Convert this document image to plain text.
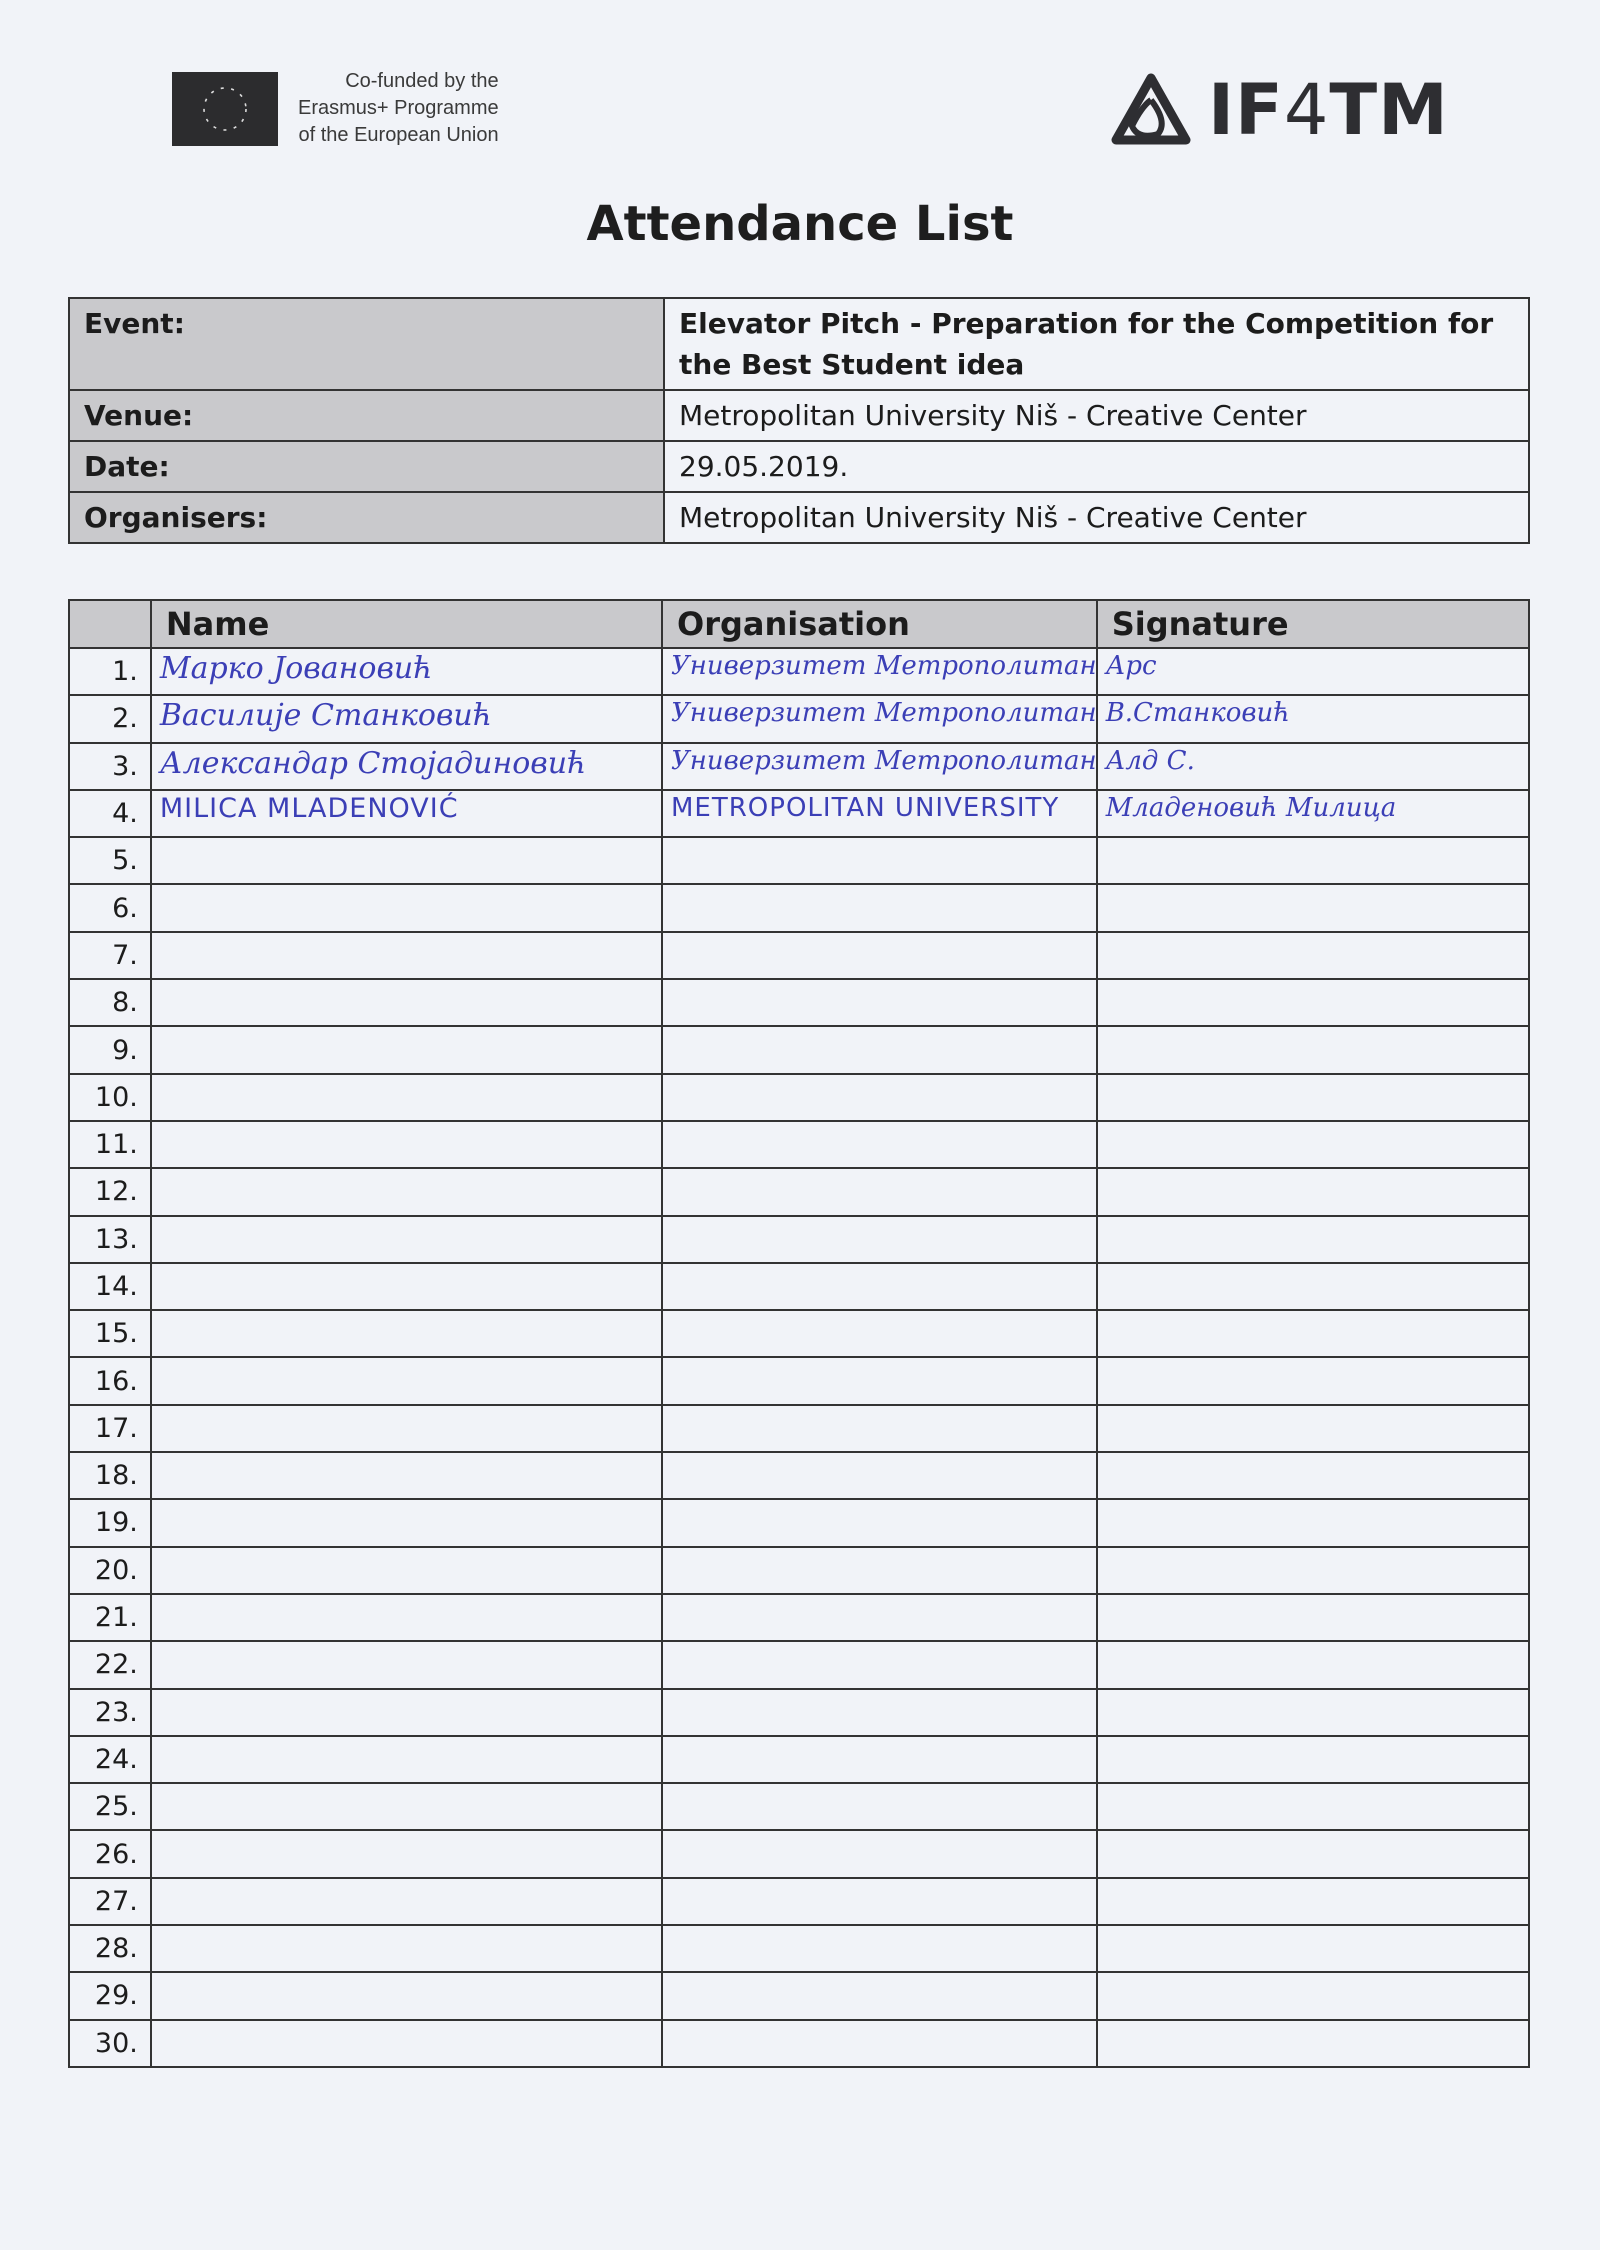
Co-funded by the
Erasmus+ Programme
of the European Union	IF4TM
Attendance List
Event:	Elevator Pitch - Preparation for the Competition for the Best Student idea
Venue:	Metropolitan University Niš - Creative Center
Date:	29.05.2019.
Organisers:	Metropolitan University Niš - Creative Center
	Name	Organisation	Signature
1.	Марко Јовановић	Универзитет Метрополитан	Арс

2.	Василије Станковић	Универзитет Метрополитан	В.Станковић

3.	Александар Стојадиновић	Универзитет Метрополитан	Алд С.

4.	MILICA MLADENOVIĆ	METROPOLITAN UNIVERSITY	Младеновић Милица

5.			
6.			
7.			
8.			
9.			
10.			
11.			
12.			
13.			
14.			
15.			
16.			
17.			
18.			
19.			
20.			
21.			
22.			
23.			
24.			
25.			
26.			
27.			
28.			
29.			
30.			
